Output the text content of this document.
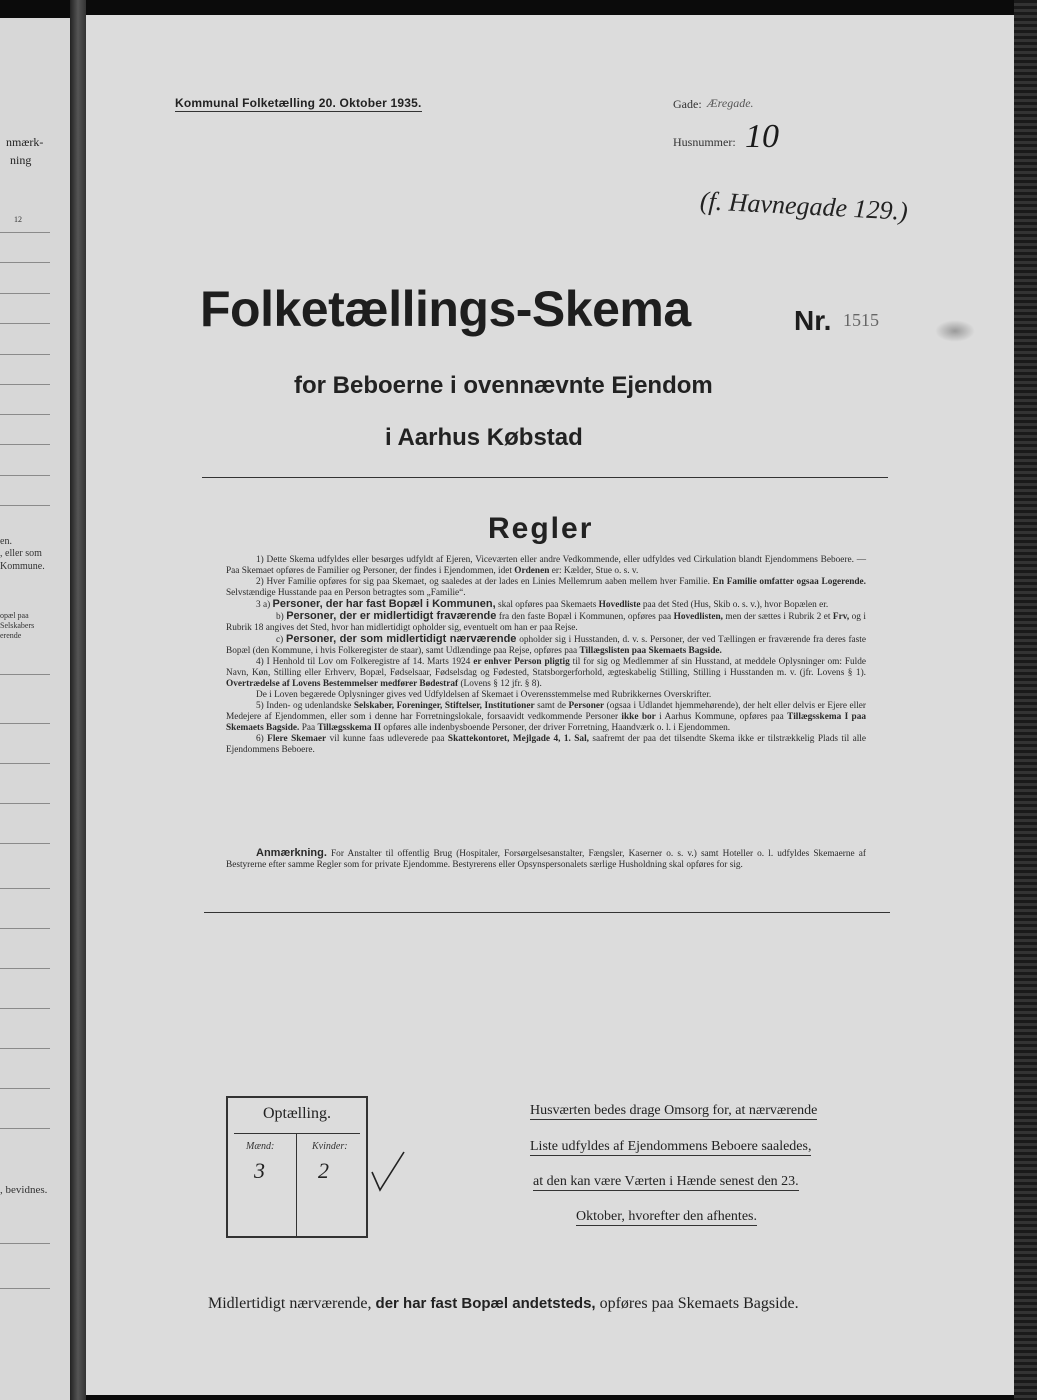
nmærk-
ning
12
en.
, eller som
Kommune.
opæl paa
Selskabers
erende
, bevidnes.
Kommunal Folketælling 20. Oktober 1935.	Gade: Æregade.
Husnummer: 10
(f. Havnegade 129.)
Folketællings-Skema	Nr. 1515
for Beboerne i ovennævnte Ejendom
i Aarhus Købstad
Regler

1) Dette Skema udfyldes eller besørges udfyldt af Ejeren, Viceværten eller andre Vedkommende, eller udfyldes ved Cirkulation blandt Ejendommens Beboere. — Paa Skemaet opføres de Familier og Personer, der findes i Ejendommen, idet Ordenen er: Kælder, Stue o. s. v.

2) Hver Familie opføres for sig paa Skemaet, og saaledes at der lades en Linies Mellemrum aaben mellem hver Familie. En Familie omfatter ogsaa Logerende. Selvstændige Husstande paa en Person betragtes som „Familie“.

3 a) Personer, der har fast Bopæl i Kommunen, skal opføres paa Skemaets Hovedliste paa det Sted (Hus, Skib o. s. v.), hvor Bopælen er.

b) Personer, der er midlertidigt fraværende fra den faste Bopæl i Kommunen, opføres paa Hovedlisten, men der sættes i Rubrik 2 et Frv, og i Rubrik 18 angives det Sted, hvor han midlertidigt opholder sig, eventuelt om han er paa Rejse.

c) Personer, der som midlertidigt nærværende opholder sig i Husstanden, d. v. s. Personer, der ved Tællingen er fraværende fra deres faste Bopæl (den Kommune, i hvis Folkeregister de staar), samt Udlændinge paa Rejse, opføres paa Tillægslisten paa Skemaets Bagside.

4) I Henhold til Lov om Folkeregistre af 14. Marts 1924 er enhver Person pligtig til for sig og Medlemmer af sin Husstand, at meddele Oplysninger om: Fulde Navn, Køn, Stilling eller Erhverv, Bopæl, Fødselsaar, Fødselsdag og Fødested, Statsborgerforhold, ægteskabelig Stilling, Stilling i Husstanden m. v. (jfr. Lovens § 1). Overtrædelse af Lovens Bestemmelser medfører Bødestraf (Lovens § 12 jfr. § 8).

De i Loven begærede Oplysninger gives ved Udfyldelsen af Skemaet i Overensstemmelse med Rubrikkernes Overskrifter.

5) Inden- og udenlandske Selskaber, Foreninger, Stiftelser, Institutioner samt de Personer (ogsaa i Udlandet hjemmehørende), der helt eller delvis er Ejere eller Medejere af Ejendommen, eller som i denne har Forretningslokale, forsaavidt vedkommende Personer ikke bor i Aarhus Kommune, opføres paa Tillægsskema I paa Skemaets Bagside. Paa Tillægsskema II opføres alle indenbysboende Personer, der driver Forretning, Haandværk o. l. i Ejendommen.

6) Flere Skemaer vil kunne faas udleverede paa Skattekontoret, Mejlgade 4, 1. Sal, saafremt der paa det tilsendte Skema ikke er tilstrækkelig Plads til alle Ejendommens Beboere.

Anmærkning. For Anstalter til offentlig Brug (Hospitaler, Forsørgelsesanstalter, Fængsler, Kaserner o. s. v.) samt Hoteller o. l. udfyldes Skemaerne af Bestyrerne efter samme Regler som for private Ejendomme. Bestyrerens eller Opsynspersonalets særlige Husholdning skal opføres for sig.

Optælling.
Mænd:	Kvinder:
3 2
Husværten bedes drage Omsorg for, at nærværende
Liste udfyldes af Ejendommens Beboere saaledes,
at den kan være Værten i Hænde senest den 23.
Oktober, hvorefter den afhentes.
Midlertidigt nærværende, der har fast Bopæl andetsteds, opføres paa Skemaets Bagside.
